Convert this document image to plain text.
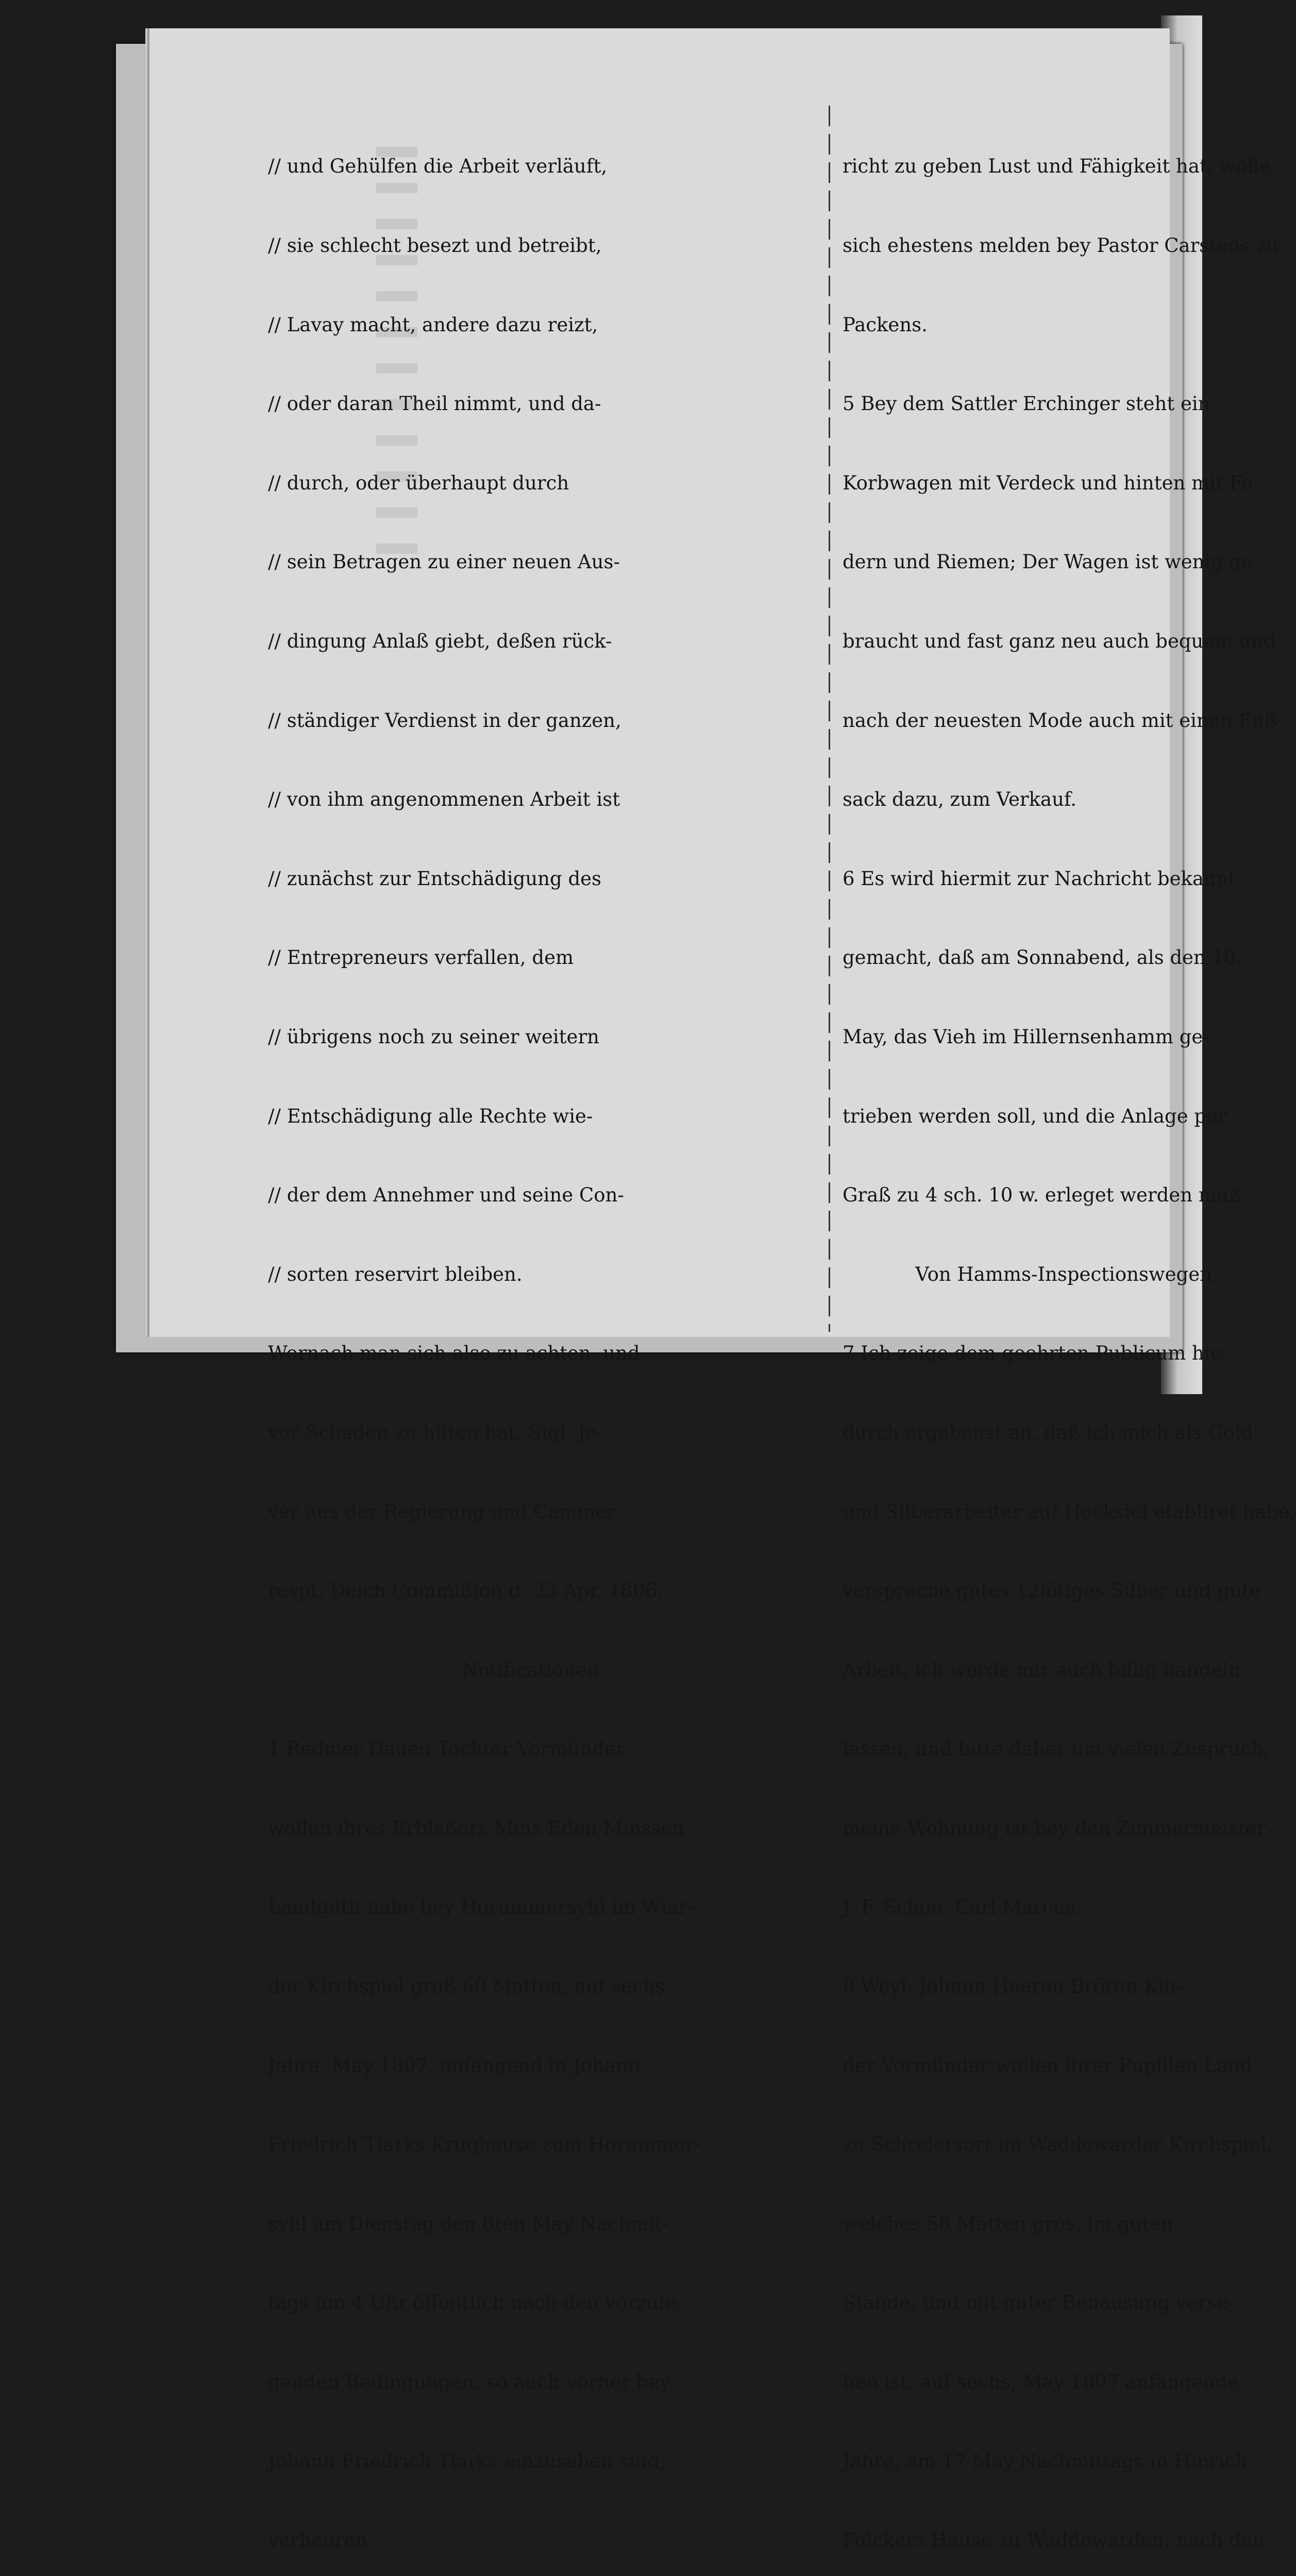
// und Gehülfen die Arbeit verläuft,

// sie schlecht besezt und betreibt,

// Lavay macht, andere dazu reizt,

// oder daran Theil nimmt, und da-

// durch, oder überhaupt durch

// sein Betragen zu einer neuen Aus-

// dingung Anlaß giebt, deßen rück-

// ständiger Verdienst in der ganzen,

// von ihm angenommenen Arbeit ist

// zunächst zur Entschädigung des

// Entrepreneurs verfallen, dem

// übrigens noch zu seiner weitern

// Entschädigung alle Rechte wie-

// der dem Annehmer und seine Con-

// sorten reservirt bleiben.

Wornach man sich also zu achten, und

vor Schaden zu hüten hat. Sigl. Je-

ver aus der Regierung und Cammer

respt. Deich Commißion d. 23 Apr. 1806.

Notificationen.

1 Redmer Dauen Tochter Vormünder

wollen ihres Erblaßers Mins Eden Minssen

Landguth nahe bey Horummersyhl im Wiar-

der Kirchspiel groß 60 Matten, auf sechs

Jahre, May 1807. anfangend in Johann

Friedrich Tiarks Krughause zum Horummer-

syhl am Dienstag den 6ten May Nachmit-

tags um 4 Uhr öffentlich nach den vorzule-

genden Bedingungen, so auch vorher bey

Johann Friedrich Tiarks einzusehen sind,

verheuren.

richt zu geben Lust und Fähigkeit hat, wolle

sich ehestens melden bey Pastor Carstens zu

Packens.

5 Bey dem Sattler Erchinger steht ein

Korbwagen mit Verdeck und hinten mit Fe-

dern und Riemen; Der Wagen ist wenig ge-

braucht und fast ganz neu auch bequem und

nach der neuesten Mode auch mit einen Fuß-

sack dazu, zum Verkauf.

6 Es wird hiermit zur Nachricht bekannt

gemacht, daß am Sonnabend, als den 10.

May, das Vieh im Hillernsenhamm ge-

trieben werden soll, und die Anlage per

Graß zu 4 sch. 10 w. erleget werden muß.

Von Hamms-Inspectionswegen.

7 Ich zeige dem geehrten Publicum hie-

durch ergebenst an, daß ich mich als Gold-

und Silberarbeiter auf Hocksiel etabliret habe,

verspreche gutes 12lötiges Silber und gute

Arbeit, ich werde mir auch billig handeln

lassen, und bitte daher um vielen Zuspruch;

meine Wohnung ist bey den Zimmermeister

J. F. Schon. Carl Marcus.

8 Weyl. Johann Heeren Brören Kin-

der Vormünder wollen ihrer Pupillen Land

zu Schreiersort im Waddewarder Kirchspiel,

welches 58 Matten gros, im guten

Stande, und mit guter Behausung verse-

hen ist, auf sechs, May 1807 anfangende

Jahre, am 17 May Nachmittags in Hinrich

Folckers Hause zu Waddewarden, nach den
